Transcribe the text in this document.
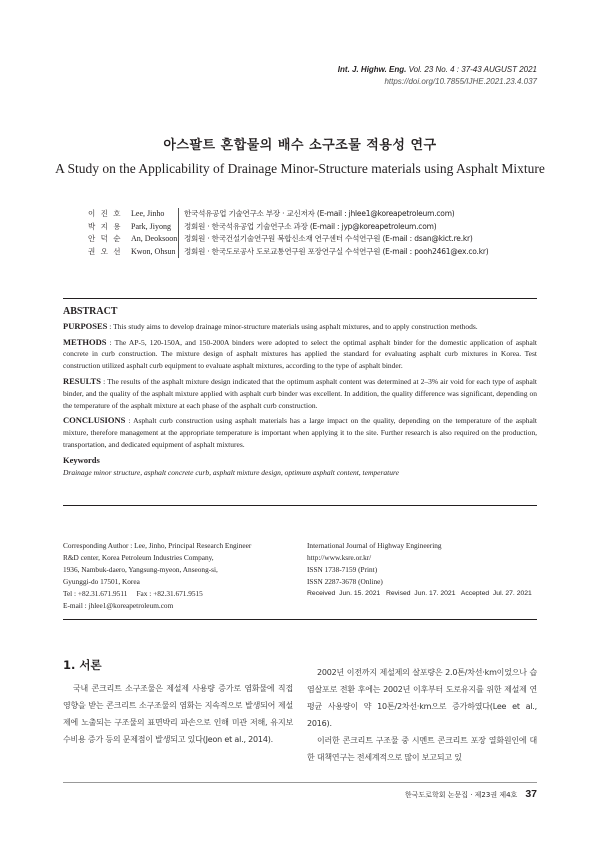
Int. J. Highw. Eng. Vol. 23 No. 4 : 37-43 AUGUST 2021
https://doi.org/10.7855/IJHE.2021.23.4.037
아스팔트 혼합물의 배수 소구조물 적용성 연구
A Study on the Applicability of Drainage Minor-Structure materials using Asphalt Mixture
이 진 호	Lee, Jinho	한국석유공업 기술연구소 부장 · 교신저자 (E-mail : jhlee1@koreapetroleum.com)
박 지 용	Park, Jiyong	정회원 · 한국석유공업 기술연구소 과장 (E-mail : jyp@koreapetroleum.com)
안 덕 순	An, Deoksoon 정회원 · 한국건설기술연구원 복합신소재 연구센터 수석연구원 (E-mail : dsan@kict.re.kr)
권 오 선	Kwon, Ohsun	정회원 · 한국도로공사 도로교통연구원 포장연구실 수석연구원 (E-mail : pooh2461@ex.co.kr)
ABSTRACT

PURPOSES : This study aims to develop drainage minor-structure materials using asphalt mixtures, and to apply construction methods.

METHODS : The AP-5, 120-150A, and 150-200A binders were adopted to select the optimal asphalt binder for the domestic application of asphalt concrete in curb construction. The mixture design of asphalt mixtures has applied the standard for evaluating asphalt curb mixtures in Korea. Test construction utilized asphalt curb equipment to evaluate asphalt mixtures, according to the type of asphalt binder.

RESULTS : The results of the asphalt mixture design indicated that the optimum asphalt content was determined at 2–3% air void for each type of asphalt binder, and the quality of the asphalt mixture applied with asphalt curb binder was excellent. In addition, the quality difference was significant, depending on the temperature of the asphalt mixture at each phase of the asphalt curb construction.

CONCLUSIONS : Asphalt curb construction using asphalt materials has a large impact on the quality, depending on the temperature of the asphalt mixture, therefore management at the appropriate temperature is important when applying it to the site. Further research is also required on the production, transportation, and dedicated equipment of asphalt mixtures.

Keywords
Drainage minor structure, asphalt concrete curb, asphalt mixture design, optimum asphalt content, temperature
Corresponding Author : Lee, Jinho, Principal Research Engineer
R&D center, Korea Petroleum Industries Company,
1936, Nambuk-daero, Yangsung-myeon, Anseong-si,
Gyunggi-do 17501, Korea
Tel : +82.31.671.9511     Fax : +82.31.671.9515
E-mail : jhlee1@koreapetroleum.com
International Journal of Highway Engineering
http://www.ksre.or.kr/
ISSN 1738-7159 (Print)
ISSN 2287-3678 (Online)
Received  Jun. 15. 2021   Revised  Jun. 17. 2021   Accepted  Jul. 27. 2021
1. 서론

국내 콘크리트 소구조물은 제설제 사용량 증가로 염화물에 직접 영향을 받는 콘크리트 소구조물의 염화는 지속적으로 발생되어 제설제에 노출되는 구조물의 표면박리 파손으로 인해 미관 저해, 유지보수비용 증가 등의 문제점이 발생되고 있다(Jeon et al., 2014).

2002년 이전까지 제설제의 살포량은 2.0톤/차선·km이었으나 습염살포로 전환 후에는 2002년 이후부터 도로유지를 위한 제설제 연평균 사용량이 약 10톤/2차선·km으로 증가하였다(Lee et al., 2016).

이러한 콘크리트 구조물 중 시멘트 콘크리트 포장 열화원인에 대한 대책연구는 전세계적으로 많이 보고되고 있

한국도로학회 논문집 · 제23권 제4호 37
